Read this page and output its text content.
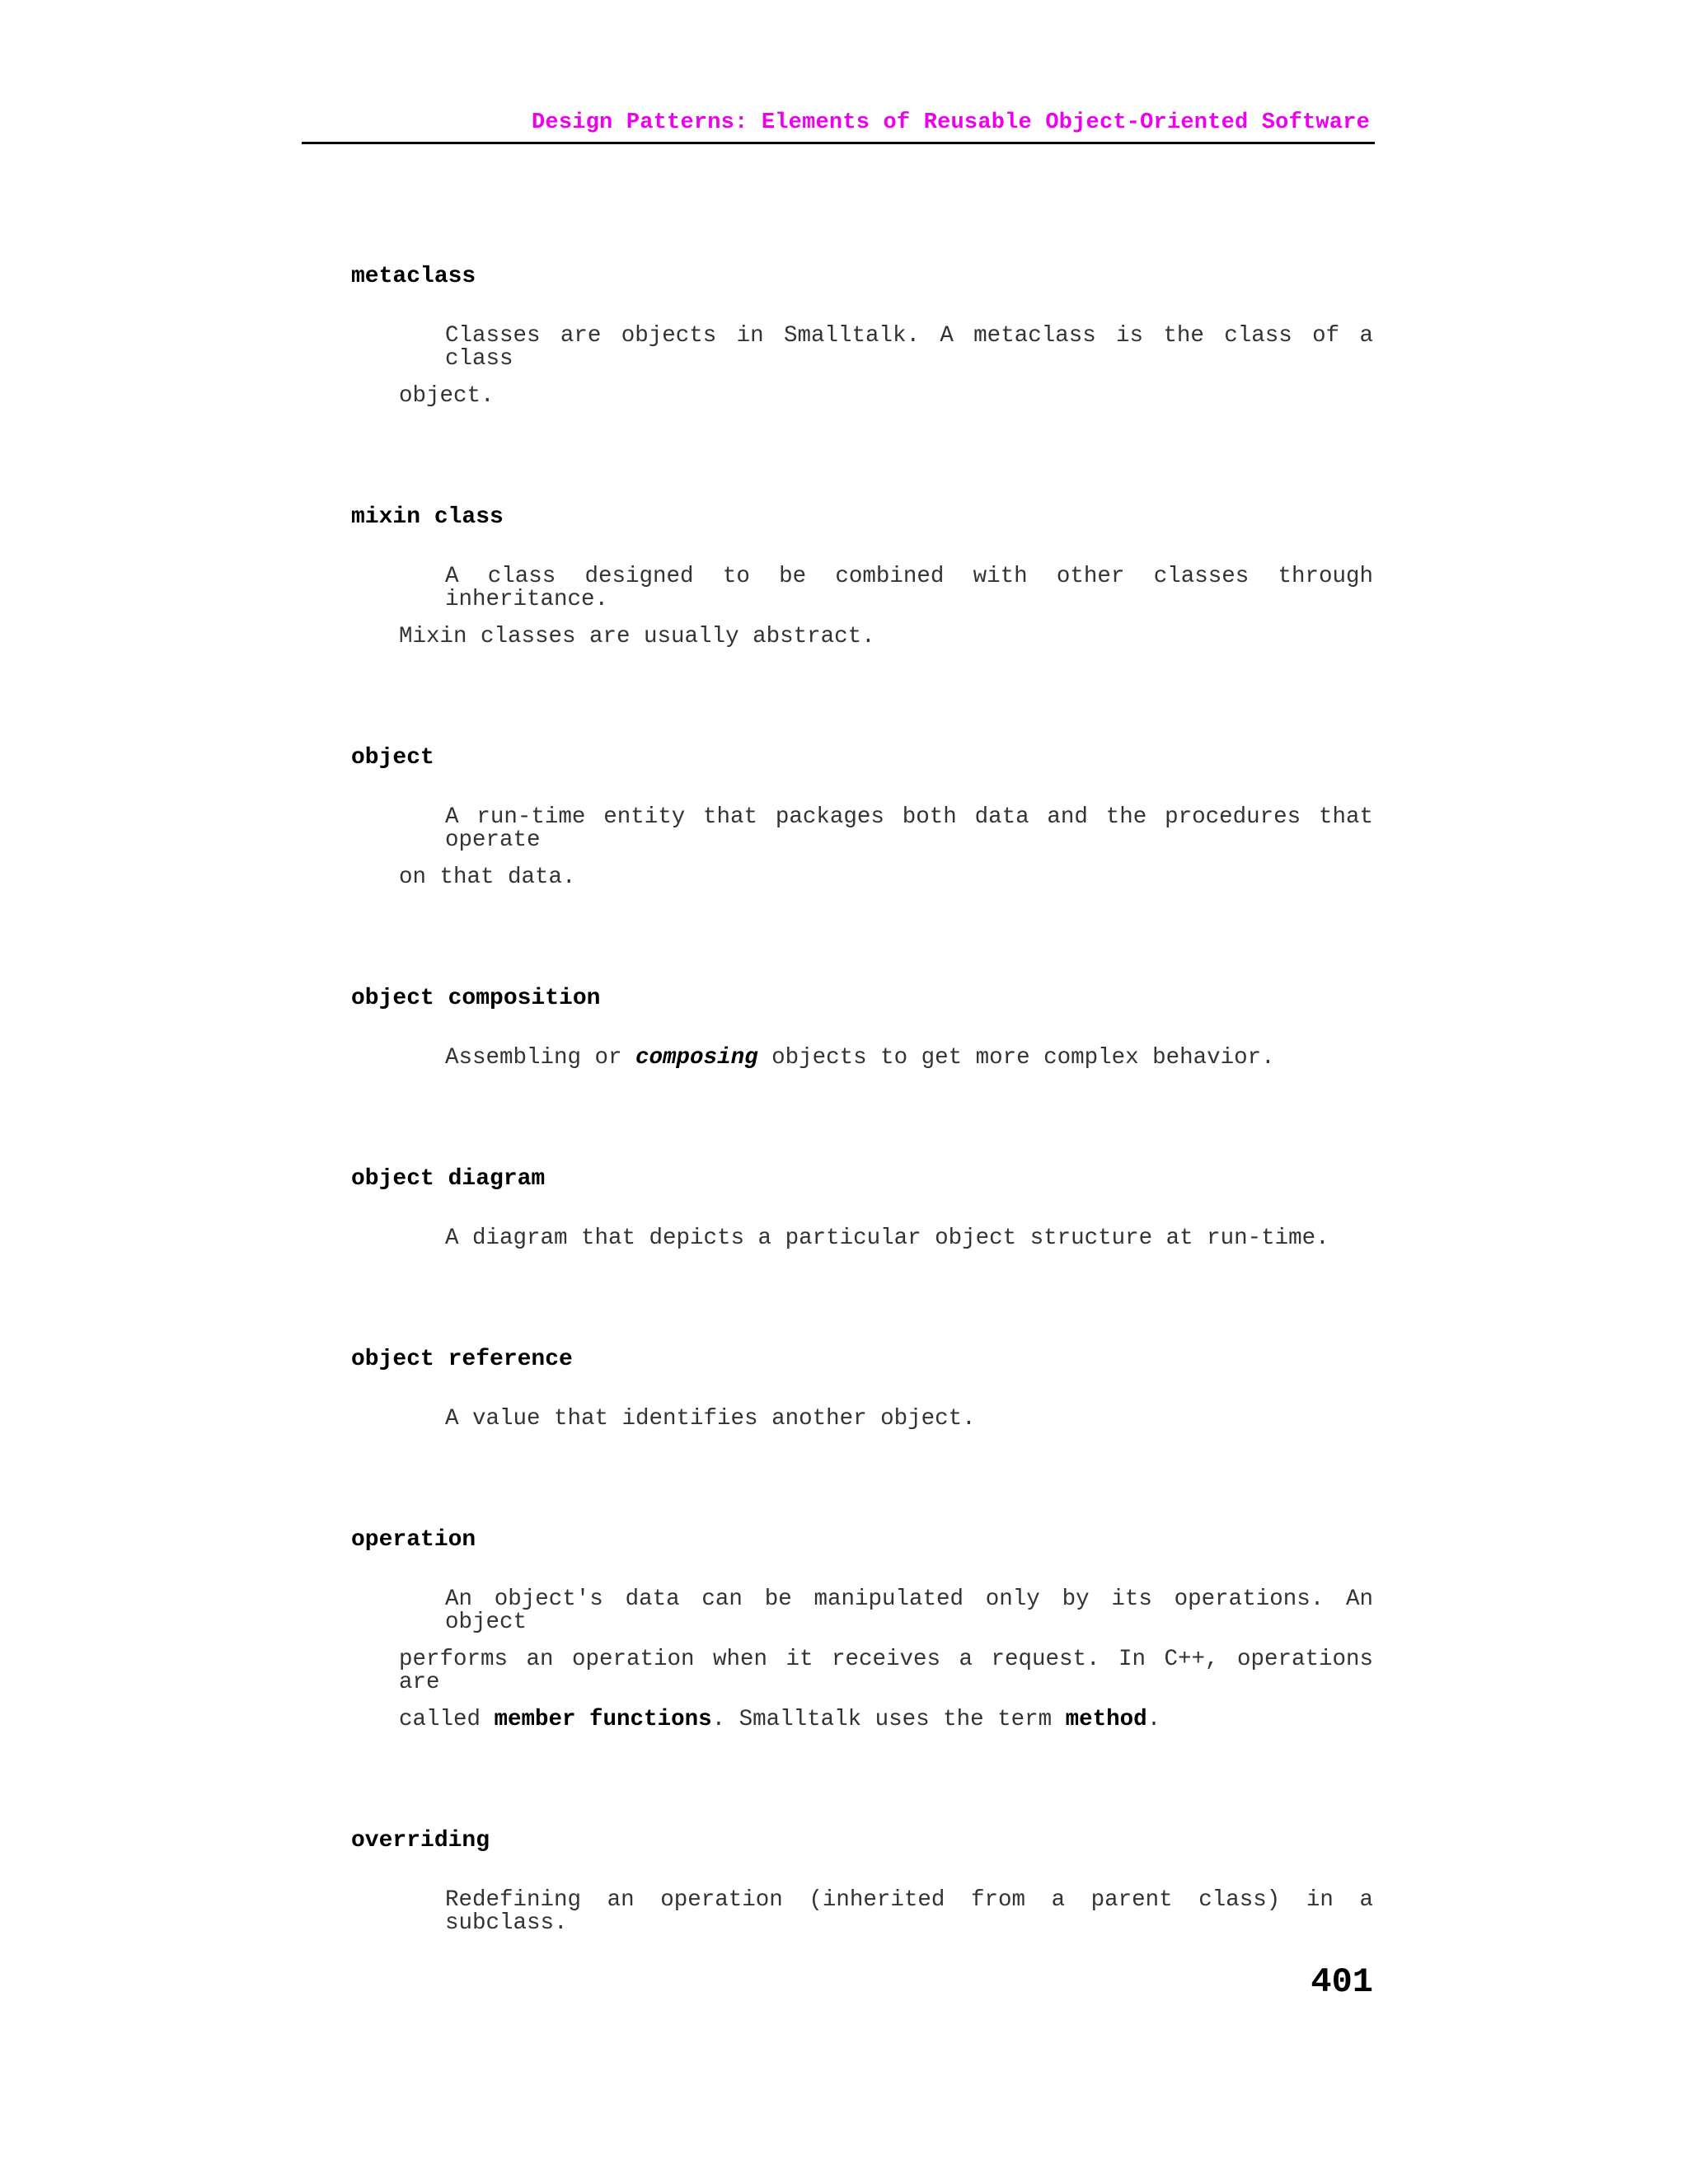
Design Patterns: Elements of Reusable Object-Oriented Software
metaclass
Classes are objects in Smalltalk. A metaclass is the class of a class
object.
mixin class
A class designed to be combined with other classes through inheritance.
Mixin classes are usually abstract.
object
A run-time entity that packages both data and the procedures that operate
on that data.
object composition
Assembling or composing objects to get more complex behavior.
object diagram
A diagram that depicts a particular object structure at run-time.
object reference
A value that identifies another object.
operation
An object's data can be manipulated only by its operations. An object
performs an operation when it receives a request. In C++, operations are
called member functions. Smalltalk uses the term method.
overriding
Redefining an operation (inherited from a parent class) in a subclass.
401
